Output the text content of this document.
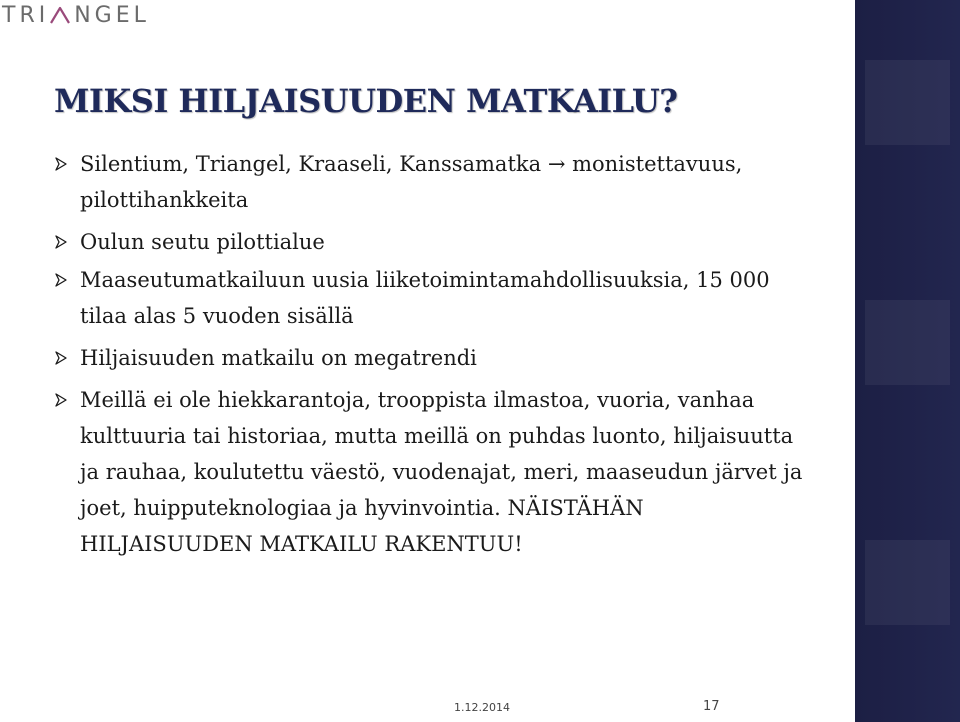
TRI NGEL
MIKSI HILJAISUUDEN MATKAILU?
Silentium, Triangel, Kraaseli, Kanssamatka → monistettavuus, pilottihankkeita
Oulun seutu pilottialue
Maaseutumatkailuun uusia liiketoimintamahdollisuuksia, 15 000 tilaa alas 5 vuoden sisällä
Hiljaisuuden matkailu on megatrendi
Meillä ei ole hiekkarantoja, trooppista ilmastoa, vuoria, vanhaa kulttuuria tai historiaa, mutta meillä on puhdas luonto, hiljaisuutta ja rauhaa, koulutettu väestö, vuodenajat, meri, maaseudun järvet ja joet, huipputeknologiaa ja hyvinvointia. NÄISTÄHÄN HILJAISUUDEN MATKAILU RAKENTUU!
1.12.2014	17
